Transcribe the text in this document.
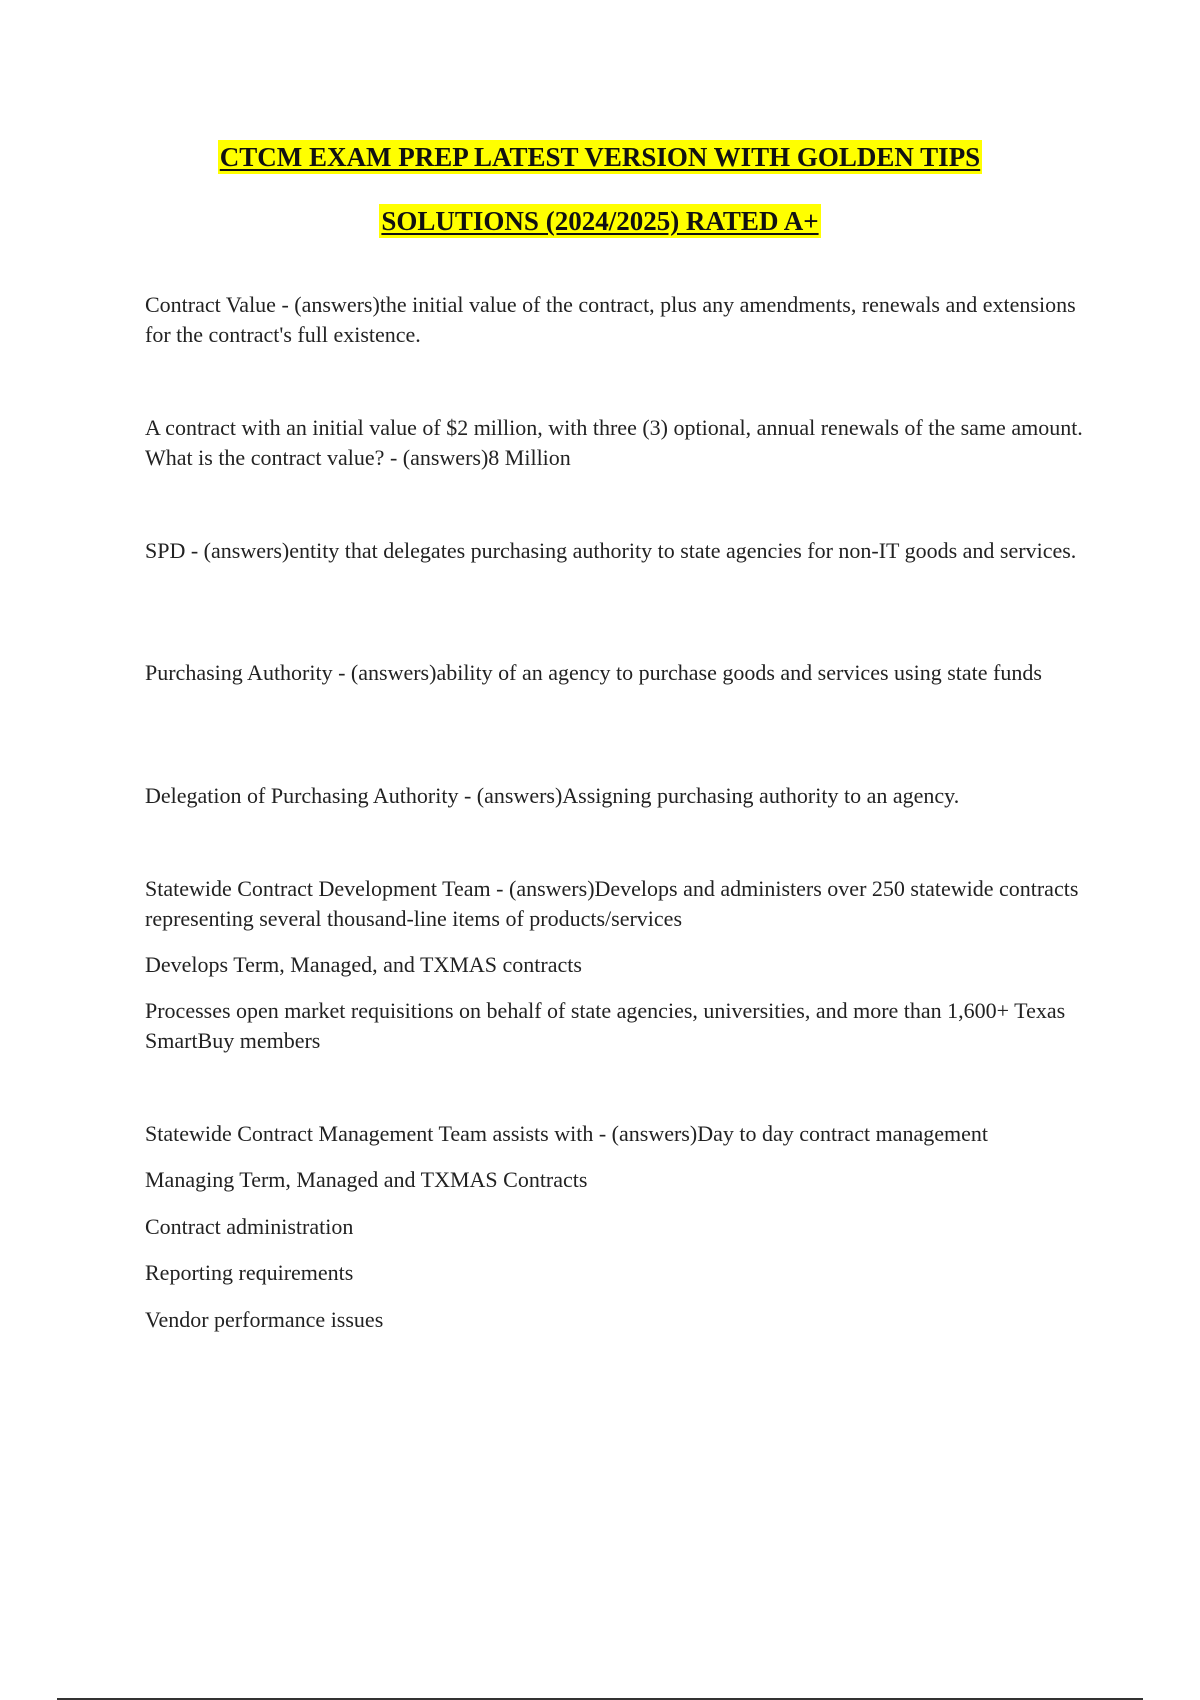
CTCM EXAM PREP LATEST VERSION WITH GOLDEN TIPS
SOLUTIONS (2024/2025) RATED A+

Contract Value - (answers)the initial value of the contract, plus any amendments, renewals and extensions for the contract's full existence.

A contract with an initial value of $2 million, with three (3) optional, annual renewals of the same amount. What is the contract value? - (answers)8 Million

SPD - (answers)entity that delegates purchasing authority to state agencies for non-IT goods and services.

Purchasing Authority - (answers)ability of an agency to purchase goods and services using state funds

Delegation of Purchasing Authority - (answers)Assigning purchasing authority to an agency.

Statewide Contract Development Team - (answers)Develops and administers over 250 statewide contracts representing several thousand-line items of products/services

Develops Term, Managed, and TXMAS contracts

Processes open market requisitions on behalf of state agencies, universities, and more than 1,600+ Texas SmartBuy members

Statewide Contract Management Team assists with - (answers)Day to day contract management

Managing Term, Managed and TXMAS Contracts

Contract administration

Reporting requirements

Vendor performance issues
